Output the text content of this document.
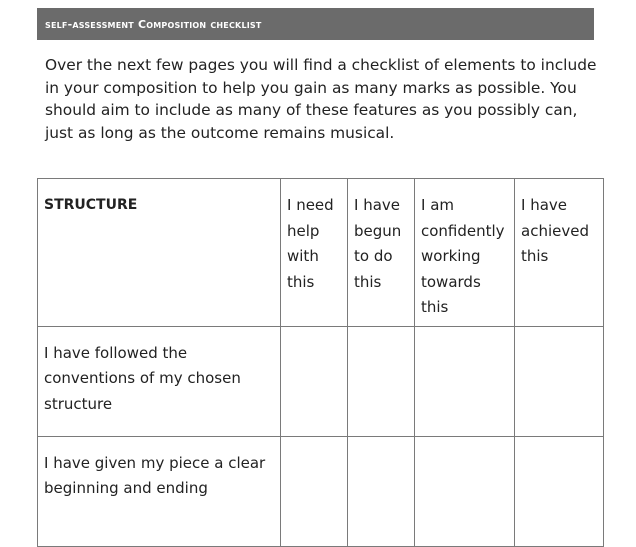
self-assessment Composition checklist

Over the next few pages you will find a checklist of elements to include in your composition to help you gain as many marks as possible. You should aim to include as many of these features as you possibly can, just as long as the outcome remains musical.

STRUCTURE	I need help with this	I have begun to do this	I am confidently working towards this	I have achieved this
I have followed the conventions of my chosen structure				
I have given my piece a clear beginning and ending				
